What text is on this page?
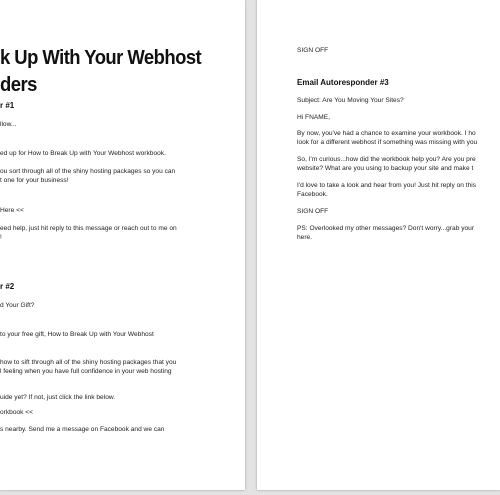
k Up With Your Webhost
ders
r #1
llow...
ed up for How to Break Up with Your Webhost workbook.
ou sort through all of the shiny hosting packages so you can
t one for your business!
Here <<
eed help, just hit reply to this message or reach out to me on
!
r #2
d Your Gift?
to your free gift, How to Break Up with Your Webhost
how to sift through all of the shiny hosting packages that you
l feeling when you have full confidence in your web hosting
uide yet? If not, just click the link below.
orkbook <<
s nearby. Send me a message on Facebook and we can
SIGN OFF
Email Autoresponder #3
Subject: Are You Moving Your Sites?
Hi FNAME,
By now, you've had a chance to examine your workbook. I ho
look for a different webhost if something was missing with you
So, I'm curious...how did the workbook help you? Are you pre
website? What are you using to backup your site and make t
I'd love to take a look and hear from you! Just hit reply on this
Facebook.
SIGN OFF
PS: Overlooked my other messages? Don't worry...grab your
here.
